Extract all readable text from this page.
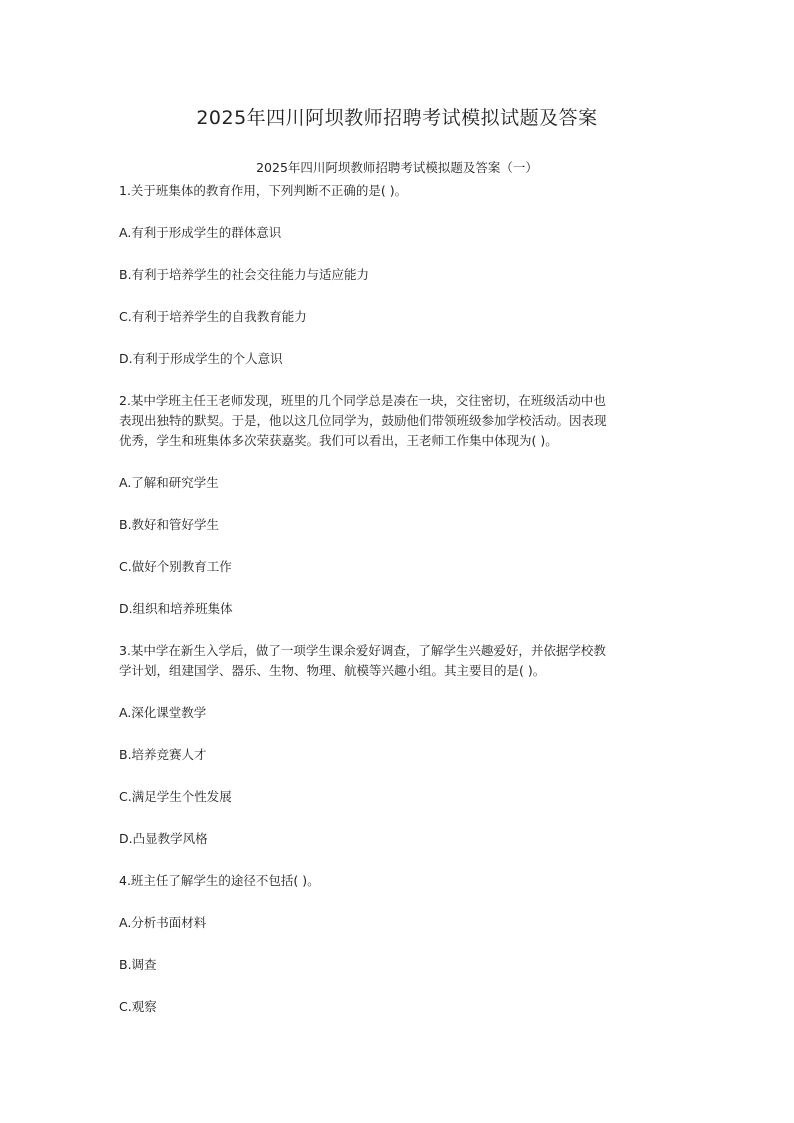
2025年四川阿坝教师招聘考试模拟试题及答案
2025年四川阿坝教师招聘考试模拟题及答案（一）

1.关于班集体的教育作用，下列判断不正确的是( )。

A.有利于形成学生的群体意识

B.有利于培养学生的社会交往能力与适应能力

C.有利于培养学生的自我教育能力

D.有利于形成学生的个人意识

2.某中学班主任王老师发现，班里的几个同学总是凑在一块，交往密切，在班级活动中也

表现出独特的默契。于是，他以这几位同学为，鼓励他们带领班级参加学校活动。因表现

优秀，学生和班集体多次荣获嘉奖。我们可以看出，王老师工作集中体现为( )。

A.了解和研究学生

B.教好和管好学生

C.做好个别教育工作

D.组织和培养班集体

3.某中学在新生入学后，做了一项学生课余爱好调查，了解学生兴趣爱好，并依据学校教

学计划，组建国学、器乐、生物、物理、航模等兴趣小组。其主要目的是( )。

A.深化课堂教学

B.培养竞赛人才

C.满足学生个性发展

D.凸显教学风格

4.班主任了解学生的途径不包括( )。

A.分析书面材料

B.调查

C.观察
